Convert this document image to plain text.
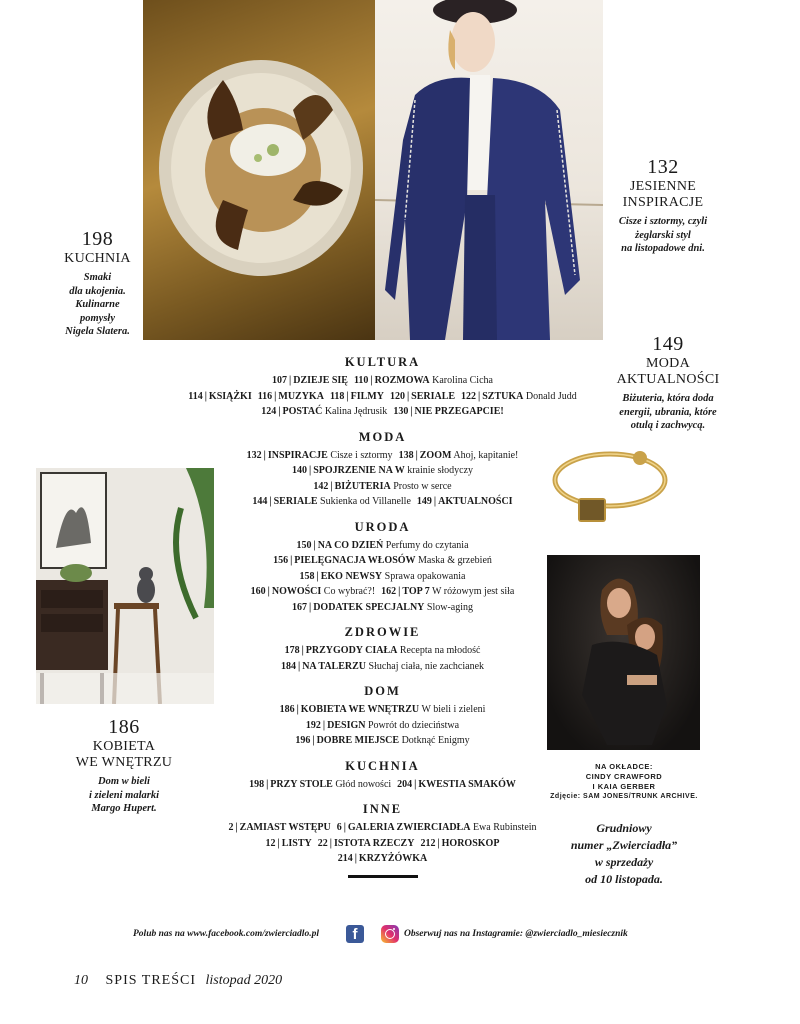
198
KUCHNIA
Smaki
dla ukojenia.
Kulinarne
pomysły
Nigela Slatera.
132
JESIENNE
INSPIRACJE
Cisze i sztormy, czyli
żeglarski styl
na listopadowe dni.
149
MODA
AKTUALNOŚCI
Biżuteria, która doda
energii, ubrania, które
otulą i zachwycą.
186
KOBIETA
WE WNĘTRZU
Dom w bieli
i zieleni malarki
Margo Hupert.
KULTURA
107 | DZIEJE SIĘ 110 | ROZMOWA Karolina Cicha
114 | KSIĄŻKI 116 | MUZYKA 118 | FILMY 120 | SERIALE 122 | SZTUKA Donald Judd
124 | POSTAĆ Kalina Jędrusik 130 | NIE PRZEGAPCIE!
MODA
132 | INSPIRACJE Cisze i sztormy 138 | ZOOM Ahoj, kapitanie!
140 | SPOJRZENIE NA W krainie słodyczy
142 | BIŻUTERIA Prosto w serce
144 | SERIALE Sukienka od Villanelle 149 | AKTUALNOŚCI
URODA
150 | NA CO DZIEŃ Perfumy do czytania
156 | PIELĘGNACJA WŁOSÓW Maska & grzebień
158 | EKO NEWSY Sprawa opakowania
160 | NOWOŚCI Co wybrać?! 162 | TOP 7 W różowym jest siła
167 | DODATEK SPECJALNY Slow-aging
ZDROWIE
178 | PRZYGODY CIAŁA Recepta na młodość
184 | NA TALERZU Słuchaj ciała, nie zachcianek
DOM
186 | KOBIETA WE WNĘTRZU W bieli i zieleni
192 | DESIGN Powrót do dzieciństwa
196 | DOBRE MIEJSCE Dotknąć Enigmy
KUCHNIA
198 | PRZY STOLE Głód nowości 204 | KWESTIA SMAKÓW
INNE
2 | ZAMIAST WSTĘPU 6 | GALERIA ZWIERCIADŁA Ewa Rubinstein
12 | LISTY 22 | ISTOTA RZECZY 212 | HOROSKOP
214 | KRZYŻÓWKA
NA OKŁADCE:
CINDY CRAWFORD
I KAIA GERBER
Zdjęcie: SAM JONES/TRUNK ARCHIVE.
Grudniowy
numer „Zwierciadła”
w sprzedaży
od 10 listopada.
Polub nas na www.facebook.com/zwierciadlo.pl	f	Obserwuj nas na Instagramie: @zwierciadlo_miesiecznik
10 SPIS TREŚCI listopad 2020
